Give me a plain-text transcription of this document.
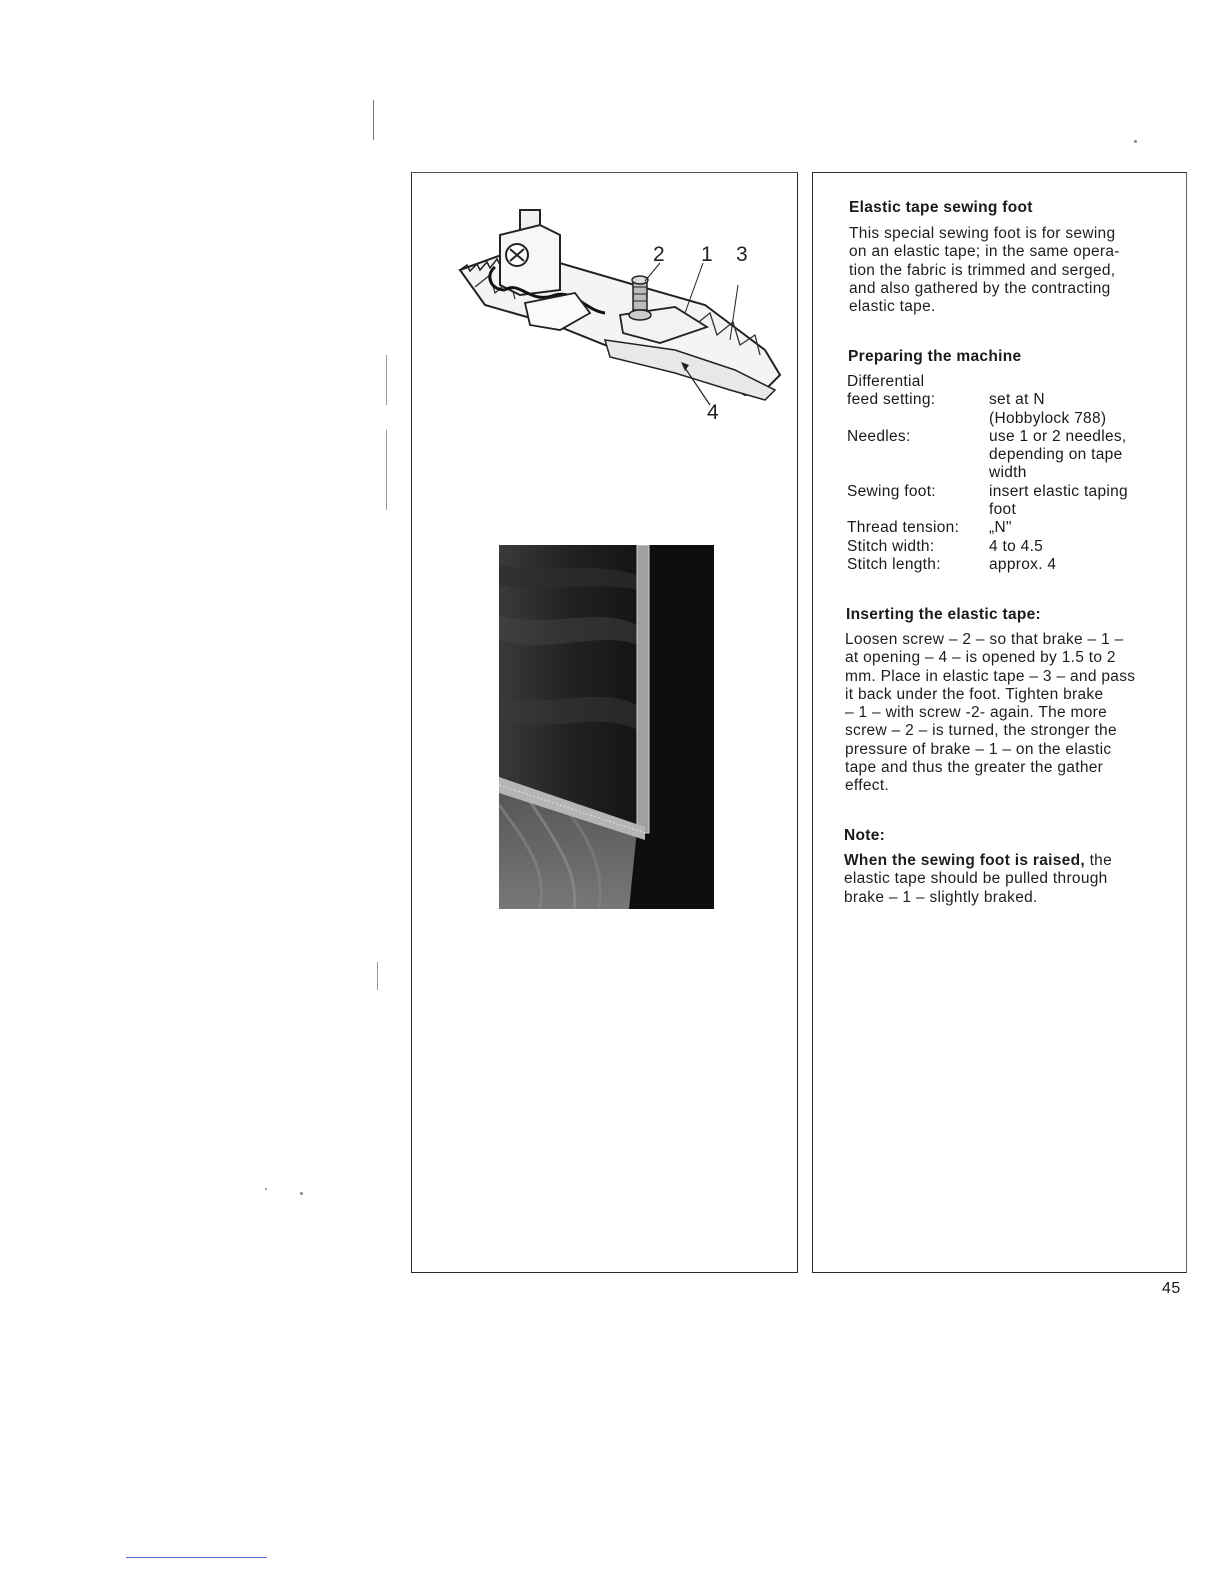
2 1 3
4
Elastic tape sewing foot
This special sewing foot is for sewing
on an elastic tape; in the same opera-
tion the fabric is trimmed and serged,
and also gathered by the contracting
elastic tape.
Preparing the machine
Differential	
feed setting:	set at N
	(Hobbylock 788)
Needles:	use 1 or 2 needles,
	depending on tape
	width
Sewing foot:	insert elastic taping
	foot
Thread tension:	„N"
Stitch width:	4 to 4.5
Stitch length:	approx. 4
Inserting the elastic tape:
Loosen screw – 2 – so that brake – 1 –
at opening – 4 – is opened by 1.5 to 2
mm. Place in elastic tape – 3 – and pass
it back under the foot. Tighten brake
– 1 – with screw -2- again. The more
screw – 2 – is turned, the stronger the
pressure of brake – 1 – on the elastic
tape and thus the greater the gather
effect.
Note:
When the sewing foot is raised, the
elastic tape should be pulled through
brake – 1 – slightly braked.
45
